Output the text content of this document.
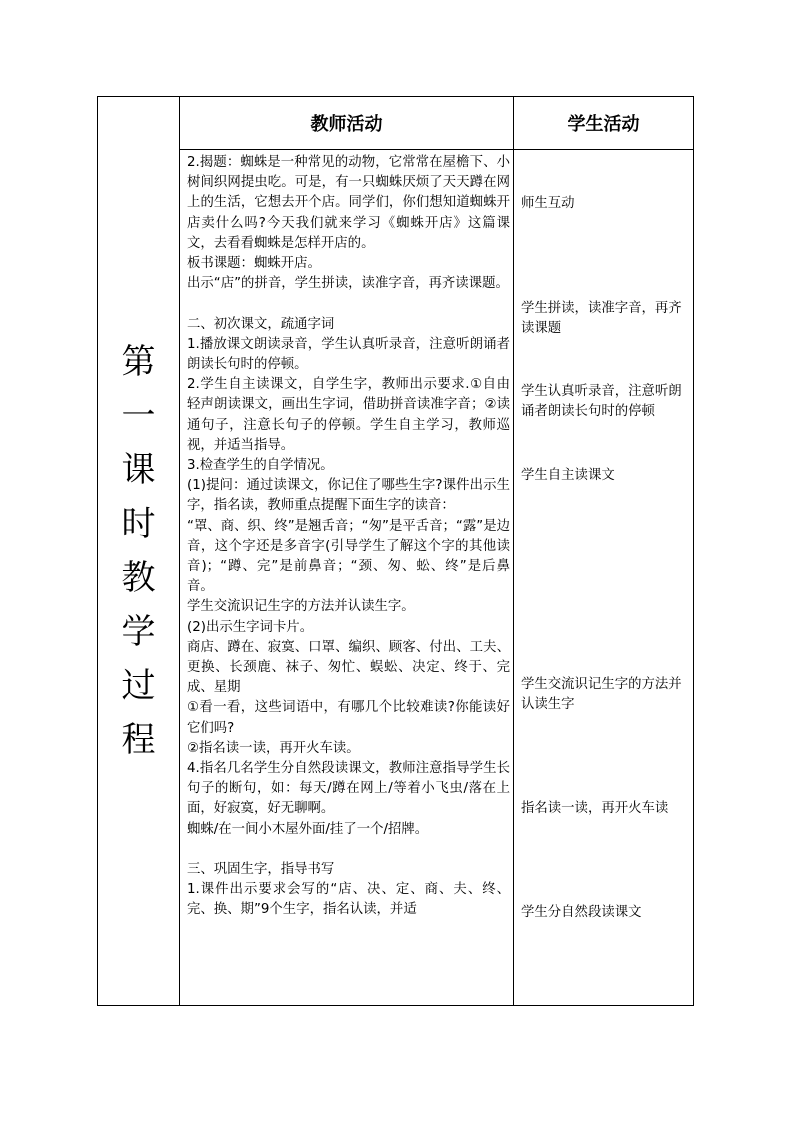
第
一
课
时
教
学
过
程
教师活动	学生活动
2.揭题：蜘蛛是一种常见的动物，它常常在屋檐下、小树间织网提虫吃。可是，有一只蜘蛛厌烦了天天蹲在网上的生活，它想去开个店。同学们，你们想知道蜘蛛开店卖什么吗?今天我们就来学习《蜘蛛开店》这篇课文，去看看蜘蛛是怎样开店的。
板书课题：蜘蛛开店。
出示“店”的拼音，学生拼读，读准字音，再齐读课题。
二、初次课文，疏通字词
1.播放课文朗读录音，学生认真听录音，注意听朗诵者朗读长句时的停顿。
2.学生自主读课文，自学生字，教师出示要求.①自由轻声朗读课文，画出生字词，借助拼音读准字音；②读通句子，注意长句子的停顿。学生自主学习，教师巡视，并适当指导。
3.检查学生的自学情况。
(1)提问：通过读课文，你记住了哪些生字?课件出示生字，指名读，教师重点提醒下面生字的读音：
“罩、商、织、终”是翘舌音；“匆”是平舌音；“露”是边音，这个字还是多音字(引导学生了解这个字的其他读音)；“蹲、完”是前鼻音；“颈、匆、蚣、终”是后鼻音。
学生交流识记生字的方法并认读生字。
(2)出示生字词卡片。
商店、蹲在、寂寞、口罩、编织、顾客、付出、工夫、更换、长颈鹿、袜子、匆忙、蜈蚣、决定、终于、完成、星期
①看一看，这些词语中，有哪几个比较难读?你能读好它们吗?
②指名读一读，再开火车读。
4.指名几名学生分自然段读课文，教师注意指导学生长句子的断句，如：每天/蹲在网上/等着小飞虫/落在上面，好寂寞，好无聊啊。
蜘蛛/在一间小木屋外面/挂了一个/招牌。
三、巩固生字，指导书写
1.课件出示要求会写的“店、决、定、商、夫、终、完、换、期”9个生字，指名认读，并适
师生互动
学生拼读，读准字音，再齐读课题
学生认真听录音，注意听朗诵者朗读长句时的停顿
学生自主读课文
学生交流识记生字的方法并认读生字
指名读一读，再开火车读
学生分自然段读课文
